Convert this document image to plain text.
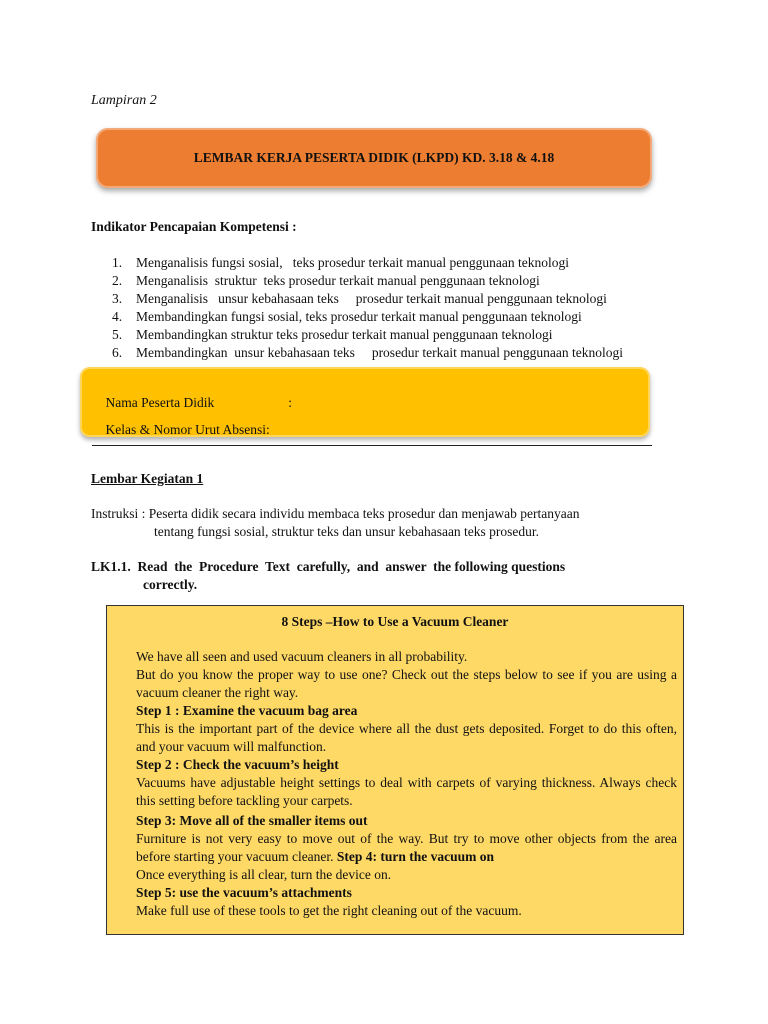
Lampiran 2
LEMBAR KERJA PESERTA DIDIK (LKPD) KD. 3.18 & 4.18
Indikator Pencapaian Kompetensi :
1. Menganalisis fungsi sosial,   teks prosedur terkait manual penggunaan teknologi
2. Menganalisis  struktur  teks prosedur terkait manual penggunaan teknologi
3. Menganalisis   unsur kebahasaan teks     prosedur terkait manual penggunaan teknologi
4. Membandingkan fungsi sosial, teks prosedur terkait manual penggunaan teknologi
5. Membandingkan struktur teks prosedur terkait manual penggunaan teknologi
6. Membandingkan  unsur kebahasaan teks     prosedur terkait manual penggunaan teknologi

Nama Peserta Didik	:

Kelas & Nomor Urut Absensi:

Lembar Kegiatan 1
Instruksi : Peserta didik secara individu membaca teks prosedur dan menjawab pertanyaan
tentang fungsi sosial, struktur teks dan unsur kebahasaan teks prosedur.
LK1.1.  Read  the  Procedure  Text  carefully,  and  answer  the following questions
correctly.
8 Steps –How to Use a Vacuum Cleaner

We have all seen and used vacuum cleaners in all probability.

But do you know the proper way to use one? Check out the steps below to see if you are using a vacuum cleaner the right way.

Step 1 : Examine the vacuum bag area

This is the important part of the device where all the dust gets deposited. Forget to do this often, and your vacuum will malfunction.

Step 2 : Check the vacuum’s height

Vacuums have adjustable height settings to deal with carpets of varying thickness. Always check this setting before tackling your carpets.

Step 3: Move all of the smaller items out

Furniture is not very easy to move out of the way. But try to move other objects from the area before starting your vacuum cleaner. Step 4: turn the vacuum on

Once everything is all clear, turn the device on.

Step 5: use the vacuum’s attachments

Make full use of these tools to get the right cleaning out of the vacuum.
